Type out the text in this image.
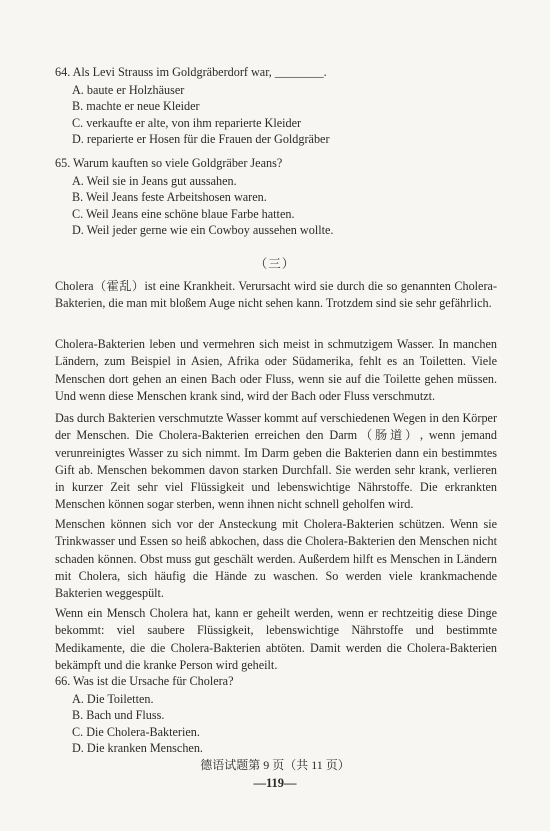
64. Als Levi Strauss im Goldgräberdorf war, ________.

A. baute er Holzhäuser

B. machte er neue Kleider

C. verkaufte er alte, von ihm reparierte Kleider

D. reparierte er Hosen für die Frauen der Goldgräber

65. Warum kauften so viele Goldgräber Jeans?

A. Weil sie in Jeans gut aussahen.

B. Weil Jeans feste Arbeitshosen waren.

C. Weil Jeans eine schöne blaue Farbe hatten.

D. Weil jeder gerne wie ein Cowboy aussehen wollte.

（三）

Cholera（霍乱）ist eine Krankheit. Verursacht wird sie durch die so genannten Cholera-Bakterien, die man mit bloßem Auge nicht sehen kann. Trotzdem sind sie sehr gefährlich.

Cholera-Bakterien leben und vermehren sich meist in schmutzigem Wasser. In manchen Ländern, zum Beispiel in Asien, Afrika oder Südamerika, fehlt es an Toiletten. Viele Menschen dort gehen an einen Bach oder Fluss, wenn sie auf die Toilette gehen müssen. Und wenn diese Menschen krank sind, wird der Bach oder Fluss verschmutzt.

Das durch Bakterien verschmutzte Wasser kommt auf verschiedenen Wegen in den Körper der Menschen. Die Cholera-Bakterien erreichen den Darm（肠道）, wenn jemand verunreinigtes Wasser zu sich nimmt. Im Darm geben die Bakterien dann ein bestimmtes Gift ab. Menschen bekommen davon starken Durchfall. Sie werden sehr krank, verlieren in kurzer Zeit sehr viel Flüssigkeit und lebenswichtige Nährstoffe. Die erkrankten Menschen können sogar sterben, wenn ihnen nicht schnell geholfen wird.

Menschen können sich vor der Ansteckung mit Cholera-Bakterien schützen. Wenn sie Trinkwasser und Essen so heiß abkochen, dass die Cholera-Bakterien den Menschen nicht schaden können. Obst muss gut geschält werden. Außerdem hilft es Menschen in Ländern mit Cholera, sich häufig die Hände zu waschen. So werden viele krankmachende Bakterien weggespült.

Wenn ein Mensch Cholera hat, kann er geheilt werden, wenn er rechtzeitig diese Dinge bekommt: viel saubere Flüssigkeit, lebenswichtige Nährstoffe und bestimmte Medikamente, die die Cholera-Bakterien abtöten. Damit werden die Cholera-Bakterien bekämpft und die kranke Person wird geheilt.

66. Was ist die Ursache für Cholera?

A. Die Toiletten.

B. Bach und Fluss.

C. Die Cholera-Bakterien.

D. Die kranken Menschen.

德语试题第 9 页（共 11 页）
—119—
